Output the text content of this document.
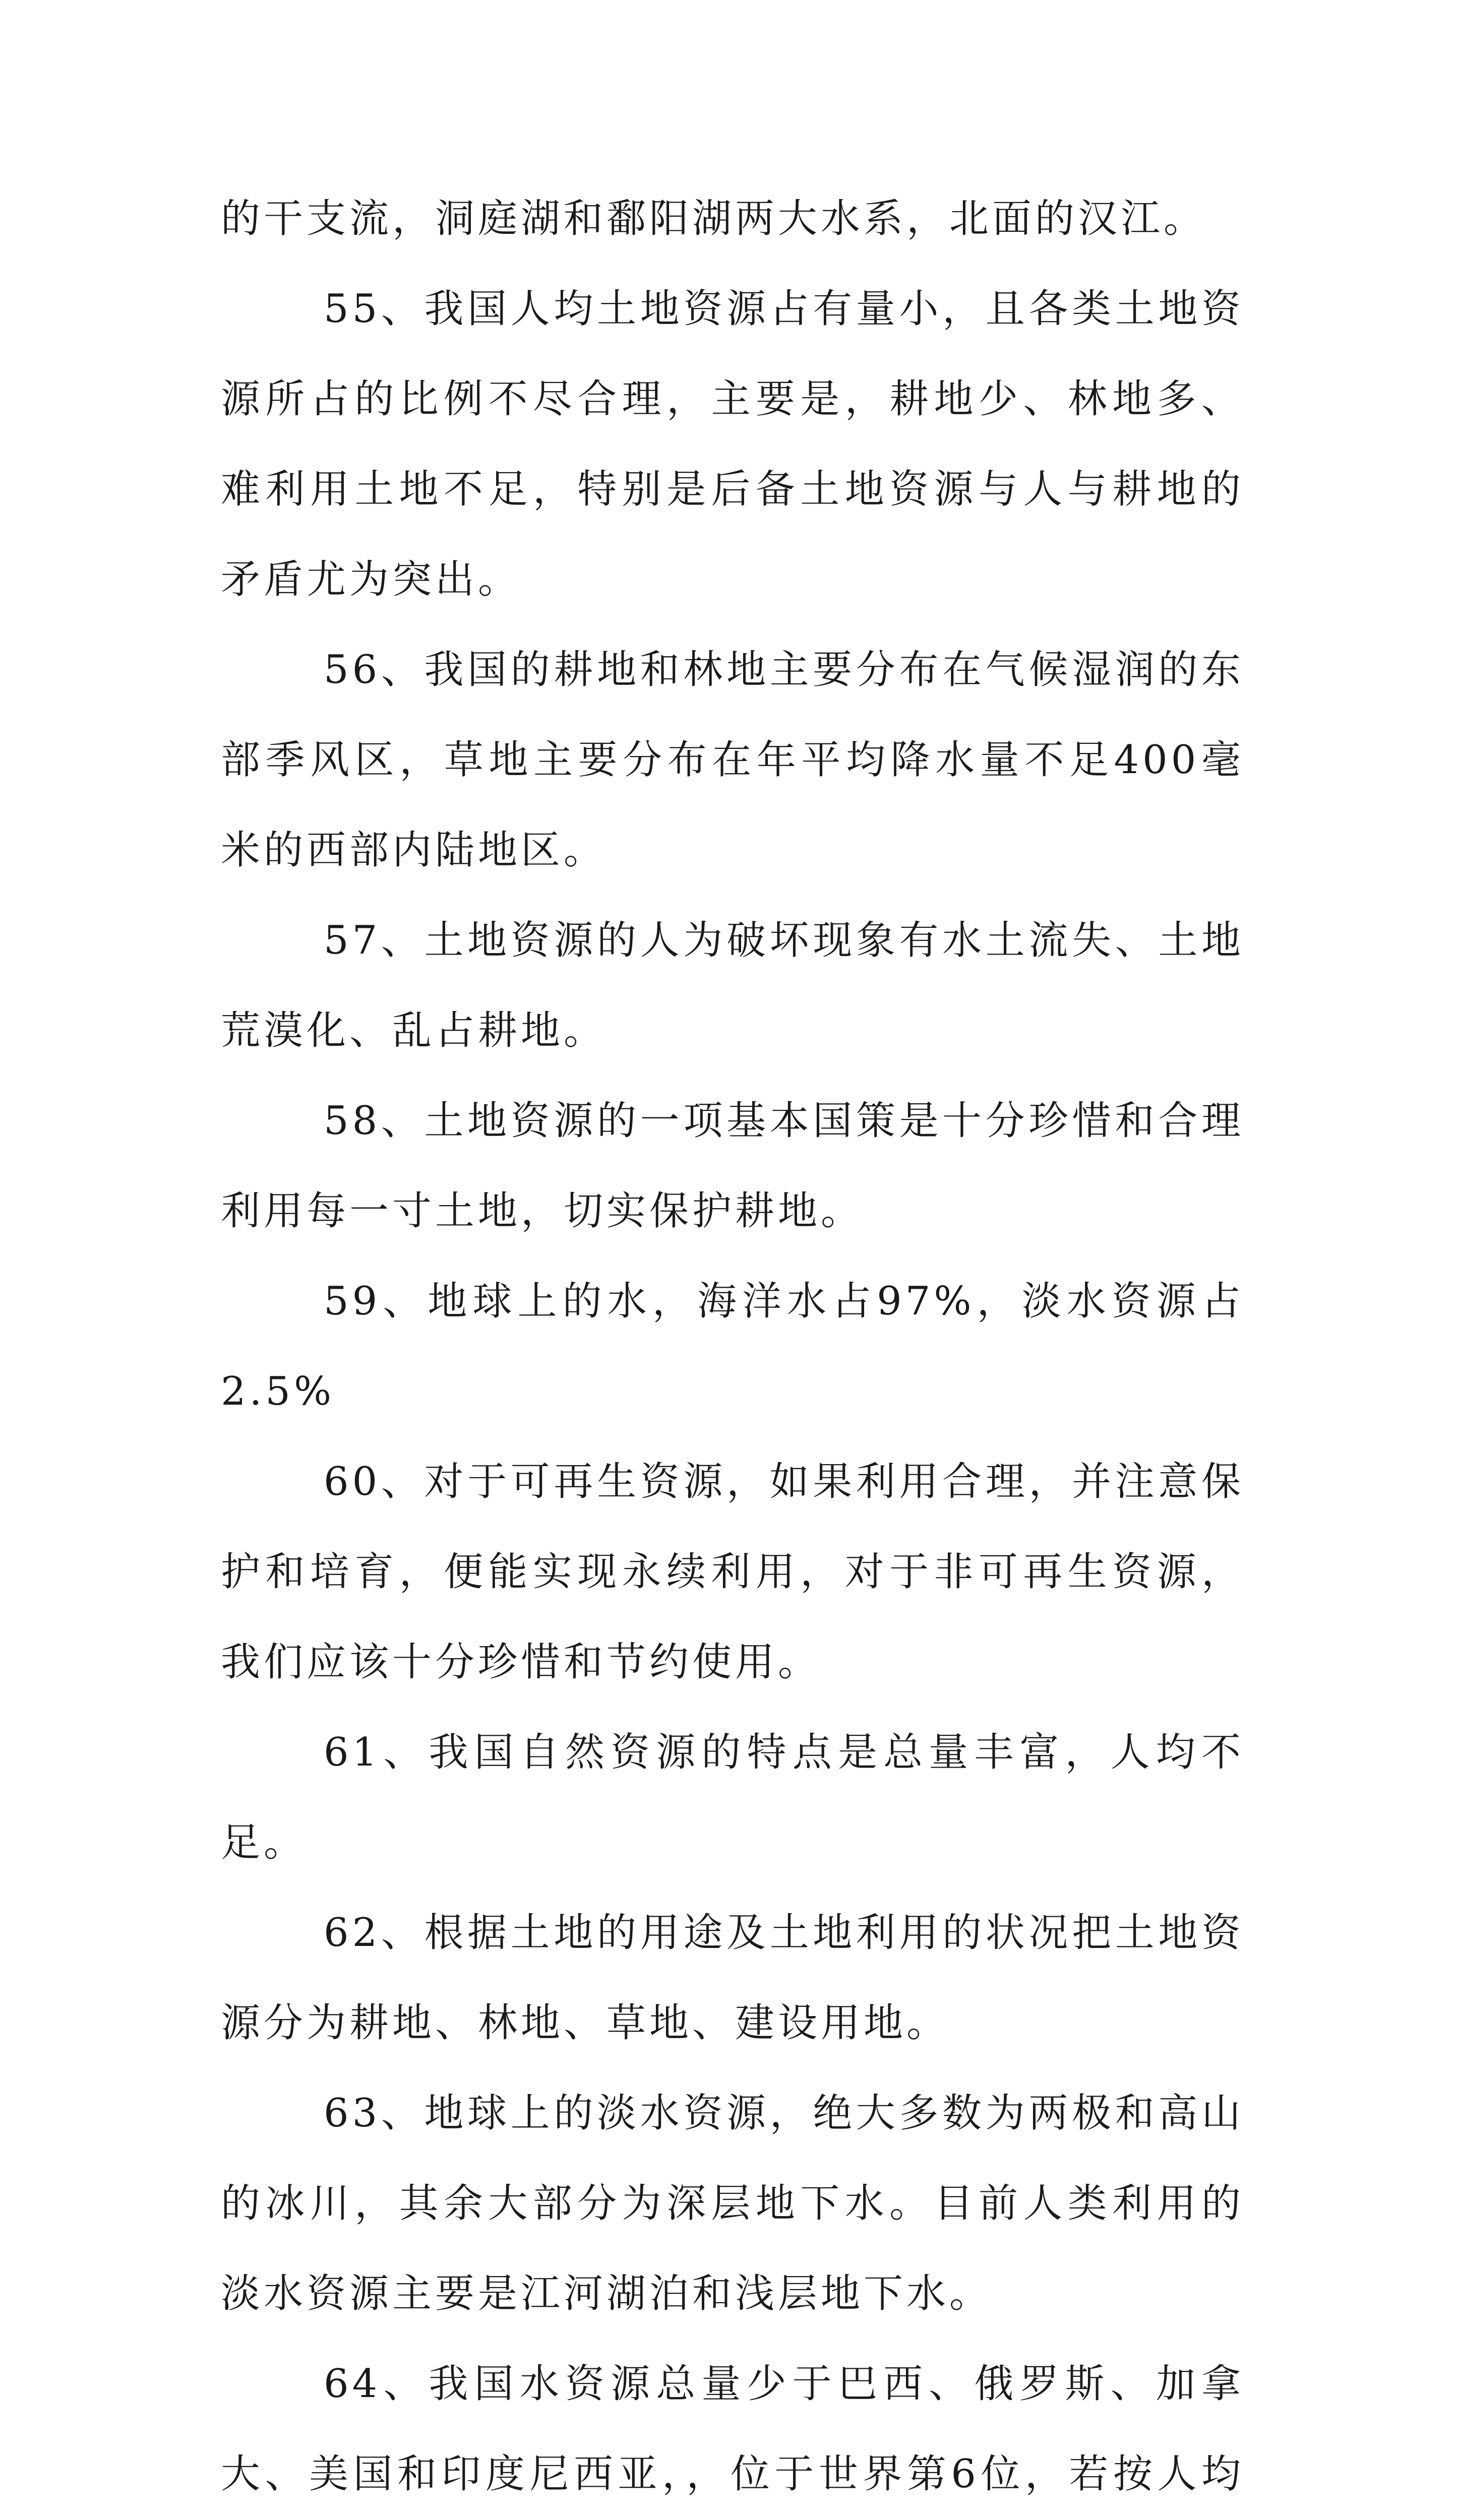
的干支流，洞庭湖和鄱阳湖两大水系，北面的汉江。

55、我国人均土地资源占有量小，且各类土地资源所占的比例不尽合理，主要是，耕地少、林地多、难利用土地不足，特别是后备土地资源与人与耕地的矛盾尤为突出。

56、我国的耕地和林地主要分布在气候湿润的东部季风区，草地主要分布在年平均降水量不足400毫米的西部内陆地区。

57、土地资源的人为破坏现象有水土流失、土地荒漠化、乱占耕地。

58、土地资源的一项基本国策是十分珍惜和合理利用每一寸土地，切实保护耕地。

59、地球上的水，海洋水占97%，淡水资源占2.5%

60、对于可再生资源，如果利用合理，并注意保护和培育，便能实现永续利用，对于非可再生资源，我们应该十分珍惜和节约使用。

61、我国自然资源的特点是总量丰富，人均不足。

62、根据土地的用途及土地利用的状况把土地资源分为耕地、林地、草地、建设用地。

63、地球上的淡水资源，绝大多数为两极和高山的冰川，其余大部分为深层地下水。目前人类利用的淡水资源主要是江河湖泊和浅层地下水。

64、我国水资源总量少于巴西、俄罗斯、加拿大、美国和印度尼西亚，，位于世界第6位，若按人均
